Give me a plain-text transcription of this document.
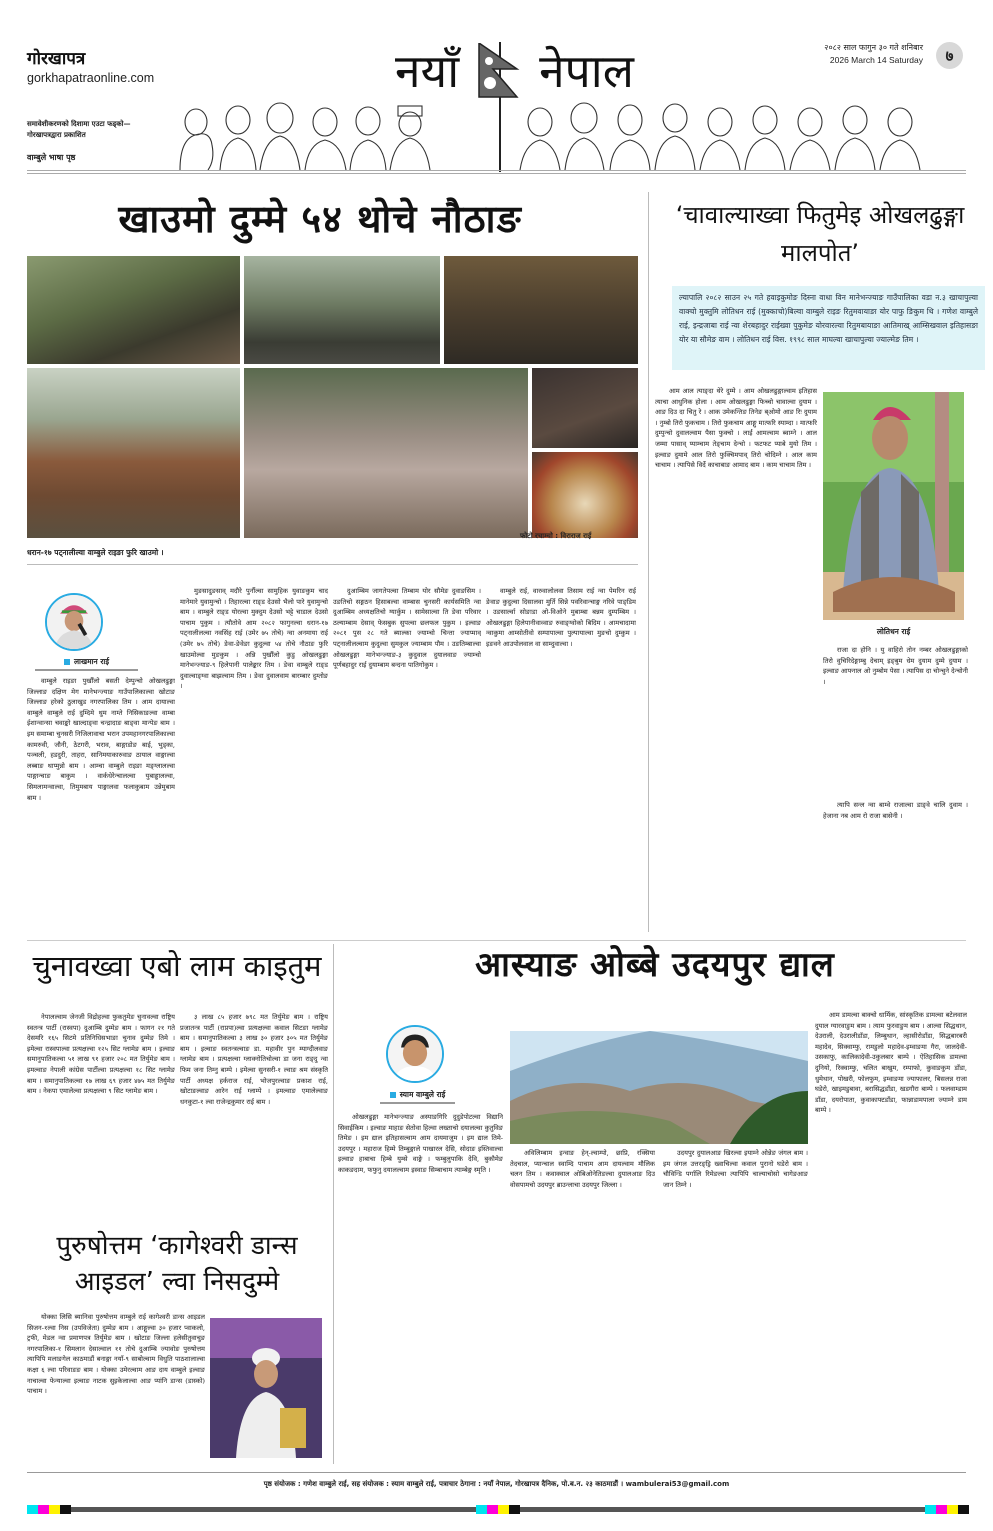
गोरखापत्र
gorkhapatraonline.com
समावेशीकरणको दिशामा एउटा फड्को— गोरखापत्रद्वारा प्रकाशित
वाम्बुले भाषा पृष्ठ
नयाँ नेपाल	२०८२ साल फागुन ३० गते शनिबार
2026 March 14 Saturday	७
खाउमो दुम्मे ५४ थोचे नौठाङ
फोटो रचाम्चो : विराराज राई
धरान-१७ पट्नालील्वा वाम्बुले राइङा फुरि खाउमो ।
लाखमान राई

वाम्बुले राइङा पुर्खौंलो बसती देम्पुन्चो ओखलढुङ्गा जिल्लाङ दक्षिण मेग मानेभन्ज्याङ गाउँपालिकाल्वा खोटाङ जिल्लाङ हरेको ठुलाखुड नगरपालिका तिम । आम दायाल्वा वाम्बुले वाम्बुले राई दुम्दिमे थुम नाम्ते निसिकाङल्वा वाम्बा ईशान्वान्सा चवाङ्को खाल्दाङ्वा चन्द्रादाङ बाङ्वा मान्पेङ बाम । इम समाम्बा चुनसरी निजिलावाचा भरान उपमहानगरपालिकाल्वा कामरुवी, जौनी, ठेटगरी, भराव, बाङ्गाडोङ बाई, भुड्का, पञ्चली, हडदुरी, ताहरा, सानिमयाकारुवाङ ठायाल वाङ्गाल्वा लब्बाङ थाप्मुन्नो बाम । आम्चा वाम्बुले राइङा मङ्ग्लालल्वा पाङ्गान्चाङ बाकुम । वार्कधेरेन्चालल्वा युबाड्डालल्वा, सिमलामन्वाल्वा, तिमुमबाय पाङ्गालवा फलाकुबाम उन्नेमुबाम बाम ।

मुङसादुङसाव् मदौरे पुर्नौल्वा सामुहिक युवाङकुम चाद मानेमारे युवामुन्चो । तिहारल्वा राङ्ड देउसो भैलो पारे युवामुन्चो बाम । वाम्बुले राङ्ड योरल्वा मुक्दुम देउसो भट्टे चाडाल देउसो पाचाम पुकुम । त्यौतोवे आम २०८२ फागुनल्वा धरान-१७ पट्नालीलल्वा नवसिंह राई (उमेर ७५ तोचे) न्वा अनमाया राई (उमेर ७५ तोचे) ङेवा-ङेवेङा कुदुल्वा ५४ तोचे नौठाङ फुरि खाउमोल्वा मुङकुम । अन्नि पुर्खौंलो कुडु ओखलढुङ्गा मानेभन्ज्याङ-९ हिलेपानी पालेङ्कार तिम । ङेवा वाम्बुले राङ्ड दुवाल्वाङ्ग्वा बाझल्वाम तिम । ङेवा दुवालवाम बारम्बार दुम्तोङ ।

दुआम्बिम जागतेपल्वा तिम्बाम योर सौमेङ दुवाङसिम । उङतिचो सङ्गठन हिसाबल्वा वाम्बास चुनसरी कार्यसमिति न्वा दुआम्बिम अध्यक्षतिचो ग्यार्कुम । सामेसाल्वा ति ङेवा परिवार ठल्याम्बाम देसाव् फेसबुक सुपल्वा छलफल पुकुम । इल्वाङ २०८१ पुस २८ गते ब्याल्का ज्याम्चो चिन्ता ज्याप्माव् पट्नालीलल्वाम कुदुल्वा सुमकुल ज्याम्बाम पौम । उङतिम्बाल्वा ओखलढुङ्गा मानेभन्ज्याङ-३ कुदुवाल दुयालवाङ ज्याम्चो पूर्णबहादुर राई दुयाम्बाम बन्दना पातिगोकुम ।

वाम्बुले राई, वारुवालोलवा तिसाम राई न्वा पेमरिन राई ङेवाङ कुदुल्वा दिसालवा मुर्ति सिन्ने पवरिवान्चाङ्ग नरिवे पाङ्डिम । उङसार्ल्वा सोङाडा ओ-विओने मुबाम्बा बन्नम दुम्पम्बिम । ओखलढुङ्गा हिलेपानीवाव्वाङ रुवाङ्ग्वोको बिदिम । आमचादामा न्वाकुमा आम्सोतीवो सम्पापाल्वा पुल्पायाल्वा मुङचो दुम्कुम । इङवने आउपोलवाल वा साम्दुवाल्वा ।

‘चावाल्याख्वा फितुमेइ ओखलढुङ्गा मालपोत’
ल्यापालि २०८२ साउन २५ गते हवाइकुमोङ दिस्ना वाधा विन मानेभन्ज्याङ गाउँपालिका वडा न.३ खाचापुल्वा वाक्चो मुक्तुमि लोतिधन राई (मुक्काचो)बिल्वा वाम्बुले राइङ रितुमवायाङा योर पाफु ङिकुम थि । गणेश वाम्बुले राई, इन्द्रजाबा राई न्वा शेरबहादुर राईख्वा पुकुमेङ योरवारल्वा रितुमबायाङा आतिमाख् आम्सिखवाल इतिहासङा योर या सौमेङ वाम । लोतिधन राई विस. १९९८ साल माघल्वा खाचापुल्वा ज्याल्मेङ तिम ।

आम आल त्याङ्दा थेरे दुम्मे । आम ओखलढुङ्गाल्वाम इतिहास त्याचा आधुनिक होला । आम ओखलढुङ्गा फिच्चो चावाल्वा दुयाम । आङ दिउ दा चितु रे । आक उमेकन्तिङ तिनेङ ब्ओमो आङ रिः दुयाम । नुम्बो तिरो फुकचाम । तिरो फुकचाम आङ्गु मात्फरि स्याम्दा । मात्फरि दुम्पुन्चो दुवालल्वाम पैसा फुक्चो । लाईं आमल्वाम ब्वाम्ने । आल जम्मा पासाव् प्याम्चाम तेङ्चाम देन्चो । फटफट प्याबे मुयो तिम । इल्वाङ दुमामे आल तिरो फुक्चिमपाव् तिरो चोदिम्ने । आल काम चाचाम । त्यापिसे विर्दे काचाबाङ आमाद बाम । काम चाचाम तिम ।

लोतिधन राई

राजा दा होनि । यु वाहिरो तोन नम्बर ओखलढुङ्गाको तिरो वुचिरिदेङ्गाम्बु देचाम् इङ्बुम धेम दुयाम दुम्मे दुयाम । इल्वाङ आफ्नाल ओ नुम्बोम पेसा । त्यापिस दा चोन्चुने देन्चोनी ।

त्यापि सन्ल न्वा बाम्वे राजाल्वा डाङ्वे चालि दुवाम । हेजाना नब आम रो राजा बासेनी ।

चुनावख्वा एबो लाम काइतुम	आस्याङ ओब्बे उदयपुर द्याल

नेपालल्वाम जेनजी विद्रोहल्वा फुकतुमेङ चुनावल्वा राष्ट्रिय स्वतन्त्र पार्टी (रास्वपा) दुआम्बि दुम्मेङ बाम । फागन २१ गते देसमरि १६५ सिटमे प्रतिनिधिसभाङा चुनाव दुम्मेङ तिमे । इमेल्वा रास्वपाल्वा प्रत्यक्षल्वा १२५ सिट ग्लामेङ बाम । इल्वाङ समानुपातिकल्वा ५१ लाख ९१ हजार २०८ मत तिर्युमेङ बाम । इमल्वाङ नेपाली कांग्रेस पार्टील्वा प्रत्यक्षल्वा १८ सिट ग्लामेङ बाम । समानुपातिकल्वा १७ लाख ६९ हजार ४७५ मत तिर्युमेङ बाम । नेकपा एमालेल्वा प्रत्यक्षल्वा ९ सिट ग्लामेङ बाम ।

३ लाख ८५ हजार ७९८ मत तिर्युमेङ बाम । राष्ट्रिय प्रजातन्त्र पार्टी (राप्रपा)ल्वा प्रत्यक्षल्वा कवाल सिटङा ग्लामेङ बाम । समानुपातिकल्वा ३ लाख ३० हजार ३०५ मत तिर्युमेङ बाम । इल्वाङ स्वतन्त्रल्वाङ डा. महावीर पुन म्याग्दीलवाङ ग्लामेङ बाम । प्रत्यक्षल्वा ग्लाक्नोतिचोल्वा डा जना राङ्दु न्वा फिम जना तिम्नु बाम्पे । इमेल्वा सुनसरी-१ ल्वाङ श्रम संस्कृति पार्टी अध्यक्ष हर्कराज राई, भोजपुरल्वाङ प्रकाश राई, खोटाङल्वाङ आरेन राई ग्लाम्पे । इमल्वाङ एमालेल्वाङ धनकुटा-१ ल्वा राजेन्द्रकुमार राई बाम ।

पुरुषोत्तम ‘कागेश्वरी डान्स आइडल’ ल्वा निसदुम्मे

योक्का लिसि ब्यानिवा पुरुषोत्तम वाम्बुले राई कागेश्वरी डान्स आइडल सिजन-१ल्वा निस (उपविजेता) दुम्मेङ बाम । आङ्गुल्वा ३० हजार प्वाकलो, ट्रफी, मेडल न्वा प्रमाणपत्र तिर्युमेङ बाम । खोटाङ जिल्ला हलेसीतुवाचुङ नगरपालिका-१ सिमलान देसाल्वाल ११ तोचे दुआम्बि ज्यावोङ पुरुषोत्तम त्यापिपि मलाङगेल काठमाडौं बनाङ्गा नयाँ-९ साबोल्वाम विधुति पाठशालाल्वा कक्षा ६ ल्वा परिवाङङ बाम । योक्का उमेरल्वाम आङ दाय वाम्बुले इल्वाङ नाचाल्वा फेन्याल्वा इल्वाङ नाटक सुइकेलाल्वा आङ प्यांनि डान्स (डास्को) पाचाम ।

स्याम वाम्बुले राई

ओखलढुङ्गा मानेभन्ज्याङ अस्याङगिरि दुदुडेपोटल्वा विद्यानि सिवाईकिम । इल्वाङ माहाङ सेतोवा हिल्वा लख्ताचो दयालल्वा कुतुविङ तिमेङ । इम द्याल इतिहासल्वाम आम दायमाजुम । इम द्याल तिमे- उदयपुर । महाराज हिम्मे तिम्बुङ्गाले पाखारल देसि, सोदाङ इस्तिवाल्वा इल्वाङ हाबाचा हिम्बे युम्से वाङ्गे । फम्बुलुपाकि देवि, बुकौमेङ काकङदाम, फफुनु दयालल्वाम इस्वाङ सिम्बाचाम त्याम्बेङ्ग स्मृति ।

अविलिम्बाम इन्वाङ हेन्-ल्वाम्पो, छाप्रि, रक्सिया तेदचाल, प्यान्चाल स्वाम्दि पाचाम आम दायल्वाम मौलिक चलन तिम । कवाक्वाल ओबिओनेतिङल्वा दुयालआङ दिउ वोसपामचो उदयपुर ब्राउन्लाचा उदयपुर जिल्ला ।

उदयपुर दुयालआङ खिरल्वा इयाम्ने ओन्नेङ जंगल बाम । इम जंगल उत्तरङ्ड्रि ख्वाचिल्वा कवाल पुरानो घडेरो बाम । चौविन्डि पर्गालि रिमेङल्वा त्यापिपि चाल्याचोसो चागेङआङ जान तिम्ने ।

आम डामल्वा बाक्चो धार्मिक, सांस्कृतिक डामल्वा बटेलवाल दुयाल ग्यारवाङुम बाम । त्याम फुरवाङुम बाम । आल्वा सिद्धथान, देउराली, देउरालीडाँडा, लिम्बुथान, ल्हासीरोडाँडा, सिद्धबारबरी महादेव, सिक्वाम्फु, रामडुलो महादेव-इम्वाङमा गैरा, जालदेवी-उसकाफु, कालिकादेवी-उकुलबार बाम्पे । ऐतिहासिक डामल्वा दुनियो, रिक्वाम्फु, चलित बाखुम, रम्पाफो, कुवाङकुम डाँडा, धुमेथान, पोखरी, फोलफुम, इम्वाङमा ज्याफालर, बिसलन्न राजा घडेरो, खाइमडुबावा, बरासिद्धडाँडा, खडगौरा बाम्पे । फलवाम्डाम डाँडा, दयरोपाता, कुवाकाफ्टडाँडा, फान्नाडामपाला ज्याम्ने डाम बाम्पे ।

पृष्ठ संयोजक : गणेश वाम्बुले राई, सह संयोजक : स्याम वाम्बुले राई, पत्राचार ठेगाना : नयाँ नेपाल, गोरखापत्र दैनिक, पो.ब.न. २३ काठमाडौं । wambulerai53@gmail.com
